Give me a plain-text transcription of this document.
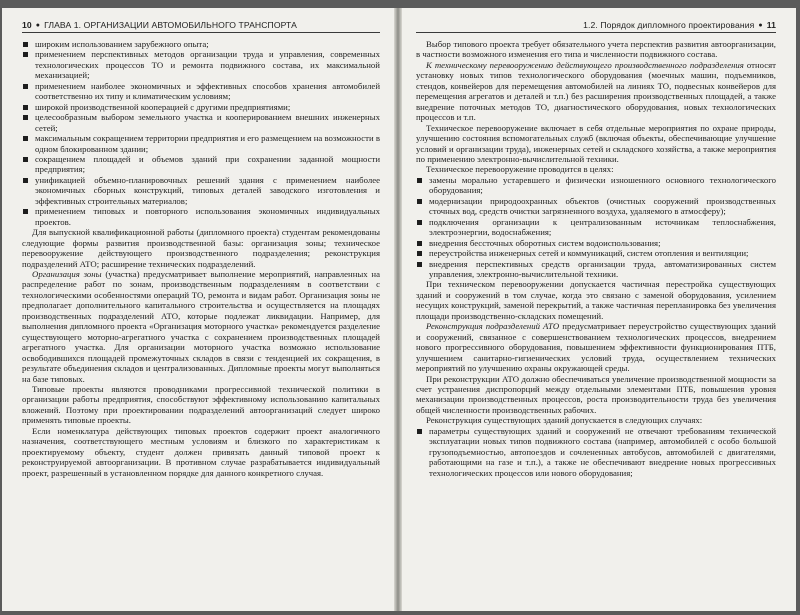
10 ● ГЛАВА 1. ОРГАНИЗАЦИИ АВТОМОБИЛЬНОГО ТРАНСПОРТА
широким использованием зарубежного опыта;
применением перспективных методов организации труда и управления, современных технологических процессов ТО и ремонта подвижного состава, их максимальной механизацией;
применением наиболее экономичных и эффективных способов хранения автомобилей соответственно их типу и климатическим условиям;
широкой производственной кооперацией с другими предприятиями;
целесообразным выбором земельного участка и кооперированием внешних инженерных сетей;
максимальным сокращением территории предприятия и его размещением на возможности в одном блокированном здании;
сокращением площадей и объемов зданий при сохранении заданной мощности предприятия;
унификацией объемно-планировочных решений здания с применением наиболее экономичных сборных конструкций, типовых деталей заводского изготовления и эффективных строительных материалов;
применением типовых и повторного использования экономичных индивидуальных проектов.

Для выпускной квалификационной работы (дипломного проекта) студентам рекомендованы следующие формы развития производственной базы: организация зоны; техническое перевооружение действующего производственного подразделения; реконструкция подразделений АТО; расширение технических подразделений.

Организация зоны (участка) предусматривает выполнение мероприятий, направленных на распределение работ по зонам, производственным подразделениям в соответствии с технологическими особенностями операций ТО, ремонта и видам работ. Организация зоны не предполагает дополнительного капитального строительства и осуществляется на площадях производственных подразделений АТО, которые подлежат ликвидации. Например, для выполнения дипломного проекта «Организация моторного участка» рекомендуется разделение существующего моторно-агрегатного участка с сохранением производственных площадей агрегатного участка. Для организации моторного участка возможно использование освободившихся площадей промежуточных складов в связи с тенденцией их сокращения, в результате объединения складов и централизованных. Дипломные проекты могут выполняться на базе типовых.

Типовые проекты являются проводниками прогрессивной технической политики в организации работы предприятия, способствуют эффективному использованию капитальных вложений. Поэтому при проектировании подразделений автоорганизаций следует широко применять типовые проекты.

Если номенклатура действующих типовых проектов содержит проект аналогичного назначения, соответствующего местным условиям и близкого по характеристикам к проектируемому объекту, студент должен привязать данный типовой проект к реконструируемой автоорганизации. В противном случае разрабатывается индивидуальный проект, разрешенный в установленном порядке для данного конкретного случая.

1.2. Порядок дипломного проектирования ● 11

Выбор типового проекта требует обязательного учета перспектив развития автоорганизации, в частности возможного изменения его типа и численности подвижного состава.

К техническому перевооружению действующего производственного подразделения относят установку новых типов технологического оборудования (моечных машин, подъемников, стендов, конвейеров для перемещения автомобилей на линиях ТО, подвесных конвейеров для перемещения агрегатов и деталей и т.п.) без расширения производственных площадей, а также внедрение поточных методов ТО, диагностического оборудования, новых технологических процессов и т.п.

Техническое перевооружение включает в себя отдельные мероприятия по охране природы, улучшению состояния вспомогательных служб (включая объекты, обеспечивающие улучшение условий и организации труда), инженерных сетей и складского хозяйства, а также мероприятия по применению электронно-вычислительной техники.

Техническое перевооружение проводится в целях:

замены морально устаревшего и физически изношенного основного технологического оборудования;
модернизации природоохранных объектов (очистных сооружений производственных сточных вод, средств очистки загрязненного воздуха, удаляемого в атмосферу);
подключения организации к централизованным источникам теплоснабжения, электроэнергии, водоснабжения;
внедрения бессточных оборотных систем водоиспользования;
переустройства инженерных сетей и коммуникаций, систем отопления и вентиляции;
внедрения перспективных средств организации труда, автоматизированных систем управления, электронно-вычислительной техники.

При техническом перевооружении допускается частичная перестройка существующих зданий и сооружений в том случае, когда это связано с заменой оборудования, усилением несущих конструкций, заменой перекрытий, а также частичная перепланировка без увеличения площади производственно-складских помещений.

Реконструкция подразделений АТО предусматривает переустройство существующих зданий и сооружений, связанное с совершенствованием технологических процессов, внедрением нового прогрессивного оборудования, повышением эффективности функционирования ПТБ, улучшением санитарно-гигиенических условий труда, осуществлением технических мероприятий по улучшению охраны окружающей среды.

При реконструкции АТО должно обеспечиваться увеличение производственной мощности за счет устранения диспропорций между отдельными элементами ПТБ, повышения уровня механизации производственных процессов, роста производительности труда без увеличения общей численности производственных рабочих.

Реконструкция существующих зданий допускается в следующих случаях:

параметры существующих зданий и сооружений не отвечают требованиям технической эксплуатации новых типов подвижного состава (например, автомобилей с особо большой грузоподъемностью, автопоездов и сочлененных автобусов, автомобилей с двигателями, работающими на газе и т.п.), а также не обеспечивают внедрение новых прогрессивных технологических процессов или нового оборудования;
